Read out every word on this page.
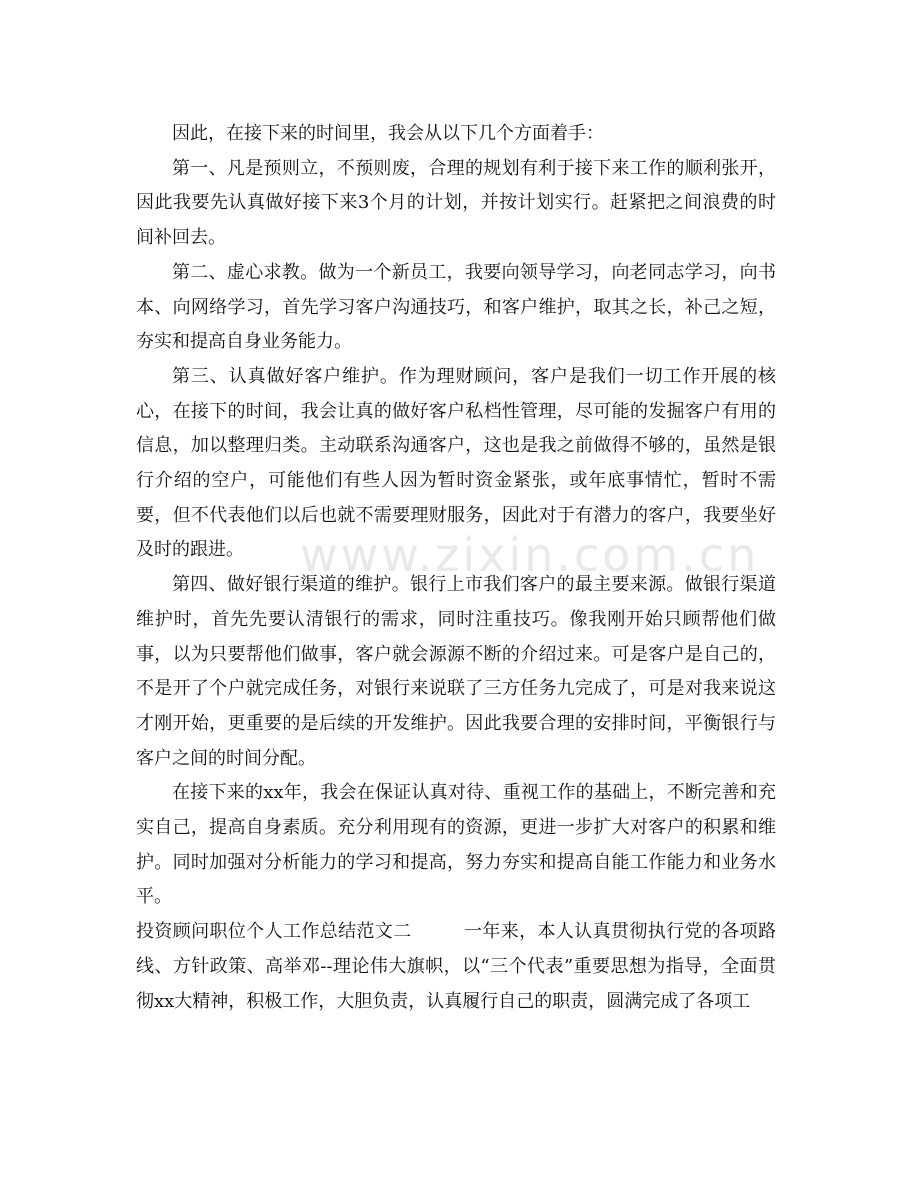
www.zixin.com.cn

因此，在接下来的时间里，我会从以下几个方面着手：

第一、凡是预则立，不预则废，合理的规划有利于接下来工作的顺利张开，因此我要先认真做好接下来3个月的计划，并按计划实行。赶紧把之间浪费的时间补回去。

第二、虚心求教。做为一个新员工，我要向领导学习，向老同志学习，向书本、向网络学习，首先学习客户沟通技巧，和客户维护，取其之长，补己之短，夯实和提高自身业务能力。

第三、认真做好客户维护。作为理财顾问，客户是我们一切工作开展的核心，在接下的时间，我会让真的做好客户私档性管理，尽可能的发掘客户有用的信息，加以整理归类。主动联系沟通客户，这也是我之前做得不够的，虽然是银行介绍的空户，可能他们有些人因为暂时资金紧张，或年底事情忙，暂时不需要，但不代表他们以后也就不需要理财服务，因此对于有潜力的客户，我要坐好及时的跟进。

第四、做好银行渠道的维护。银行上市我们客户的最主要来源。做银行渠道维护时，首先先要认清银行的需求，同时注重技巧。像我刚开始只顾帮他们做事，以为只要帮他们做事，客户就会源源不断的介绍过来。可是客户是自己的，不是开了个户就完成任务，对银行来说联了三方任务九完成了，可是对我来说这才刚开始，更重要的是后续的开发维护。因此我要合理的安排时间，平衡银行与客户之间的时间分配。

在接下来的xx年，我会在保证认真对待、重视工作的基础上，不断完善和充实自己，提高自身素质。充分利用现有的资源，更进一步扩大对客户的积累和维护。同时加强对分析能力的学习和提高，努力夯实和提高自能工作能力和业务水平。

投资顾问职位个人工作总结范文二	一年来，本人认真贯彻执行党的各项路线、方针政策、高举邓--理论伟大旗帜，以“三个代表”重要思想为指导，全面贯彻xx大精神，积极工作，大胆负责，认真履行自己的职责，圆满完成了各项工
